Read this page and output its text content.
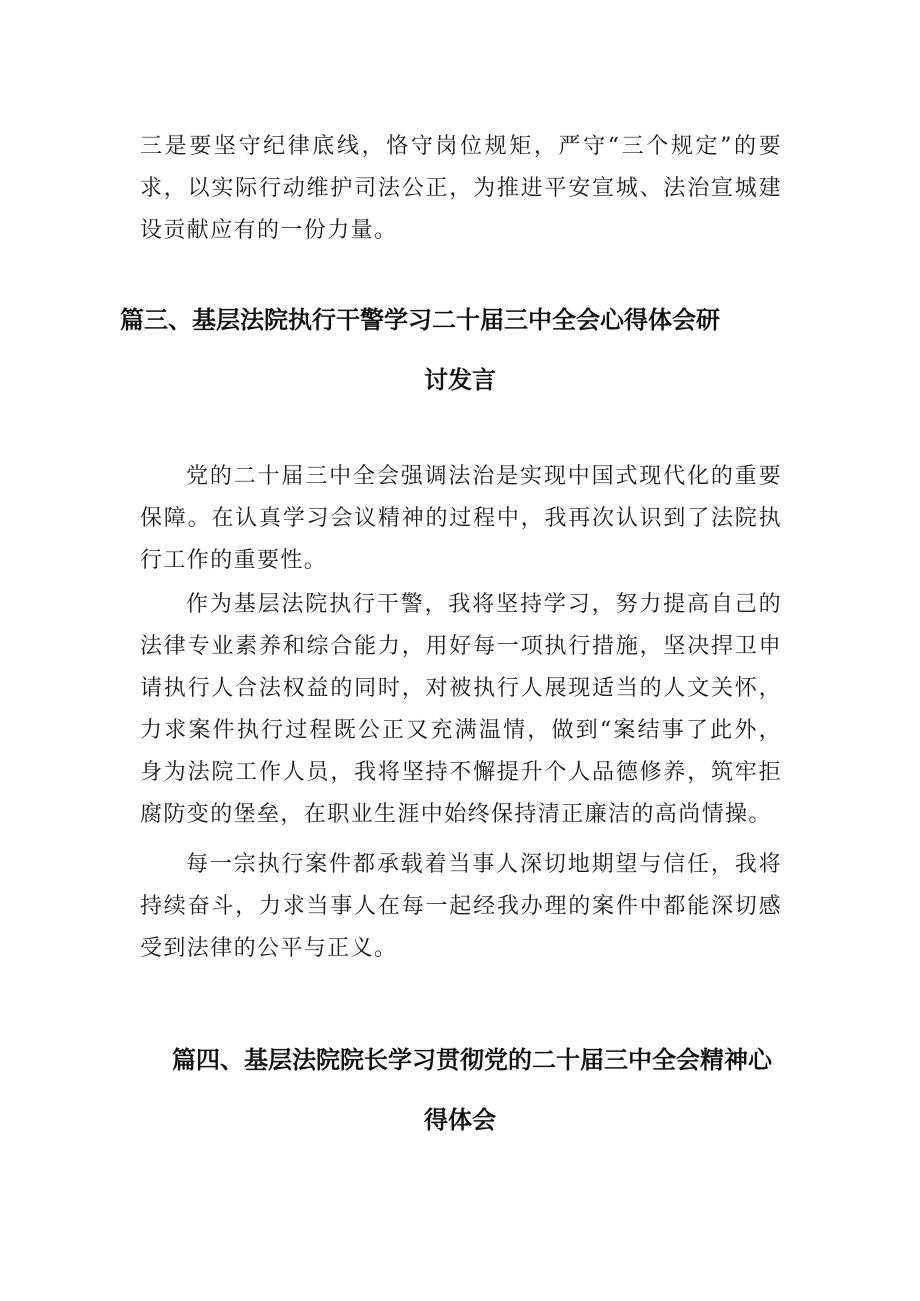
三是要坚守纪律底线，恪守岗位规矩，严守“三个规定”的要求，以实际行动维护司法公正，为推进平安宣城、法治宣城建设贡献应有的一份力量。

篇三、基层法院执行干警学习二十届三中全会心得体会研
讨发言

党的二十届三中全会强调法治是实现中国式现代化的重要保障。在认真学习会议精神的过程中，我再次认识到了法院执行工作的重要性。

作为基层法院执行干警，我将坚持学习，努力提高自己的法律专业素养和综合能力，用好每一项执行措施，坚决捍卫申请执行人合法权益的同时，对被执行人展现适当的人文关怀，力求案件执行过程既公正又充满温情，做到“案结事了此外，身为法院工作人员，我将坚持不懈提升个人品德修养，筑牢拒腐防变的堡垒，在职业生涯中始终保持清正廉洁的高尚情操。

每一宗执行案件都承载着当事人深切地期望与信任，我将持续奋斗，力求当事人在每一起经我办理的案件中都能深切感受到法律的公平与正义。

篇四、基层法院院长学习贯彻党的二十届三中全会精神心
得体会
